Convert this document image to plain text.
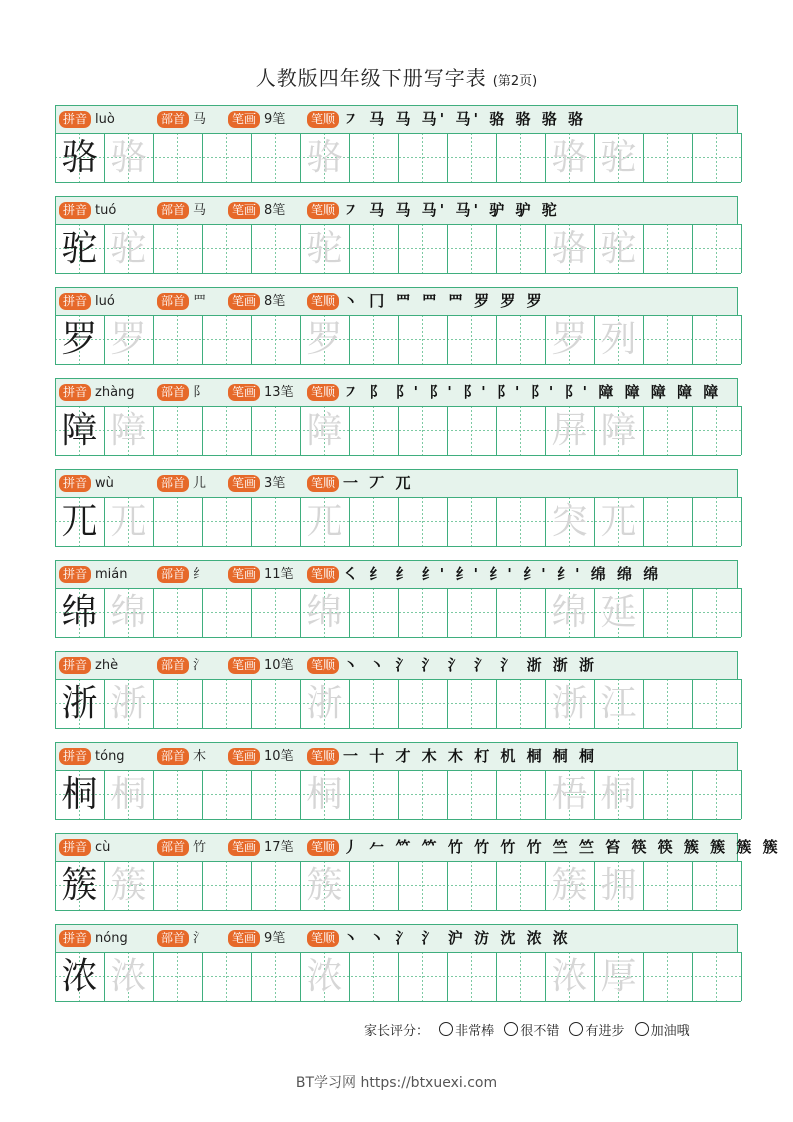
人教版四年级下册写字表 (第2页)
拼音 luò	部首 马	笔画 9笔	笔顺 ㇇ 马 马 马' 马' 骆 骆 骆 骆
骆 骆	骆	骆 驼
拼音 tuó	部首 马	笔画 8笔	笔顺 ㇇ 马 马 马' 马' 驴 驴 驼
驼 驼	驼	骆 驼
拼音 luó	部首 罒	笔画 8笔	笔顺 丶 冂 罒 罒 罒 罗 罗 罗
罗 罗	罗	罗 列
拼音 zhàng	部首 阝	笔画 13笔	笔顺 ㇇ 阝 阝' 阝' 阝' 阝' 阝' 阝' 障 障 障 障 障
障 障	障	屏 障
拼音 wù	部首 儿	笔画 3笔	笔顺 一 丆 兀
兀 兀	兀	突 兀
拼音 mián	部首 纟	笔画 11笔	笔顺 ㇛ 纟 纟 纟' 纟' 纟' 纟' 纟' 绵 绵 绵
绵 绵	绵	绵 延
拼音 zhè	部首 氵	笔画 10笔	笔顺 丶 丶 氵 氵 氵 氵 氵 浙 浙 浙
浙 浙	浙	浙 江
拼音 tóng	部首 木	笔画 10笔	笔顺 一 十 才 木 木 朾 机 桐 桐 桐
桐 桐	桐	梧 桐
拼音 cù	部首 竹	笔画 17笔	笔顺 丿 𠂉 𥫗 𥫗 竹 竹 竹 竹 竺 竺 笞 筷 筷 簇 簇 簇 簇
簇 簇	簇	簇 拥
拼音 nóng	部首 氵	笔画 9笔	笔顺 丶 丶 氵 氵 沪 汸 沈 浓 浓
浓 浓	浓	浓 厚
家长评分： 非常棒 很不错 有进步 加油哦
BT学习网 https://btxuexi.com
